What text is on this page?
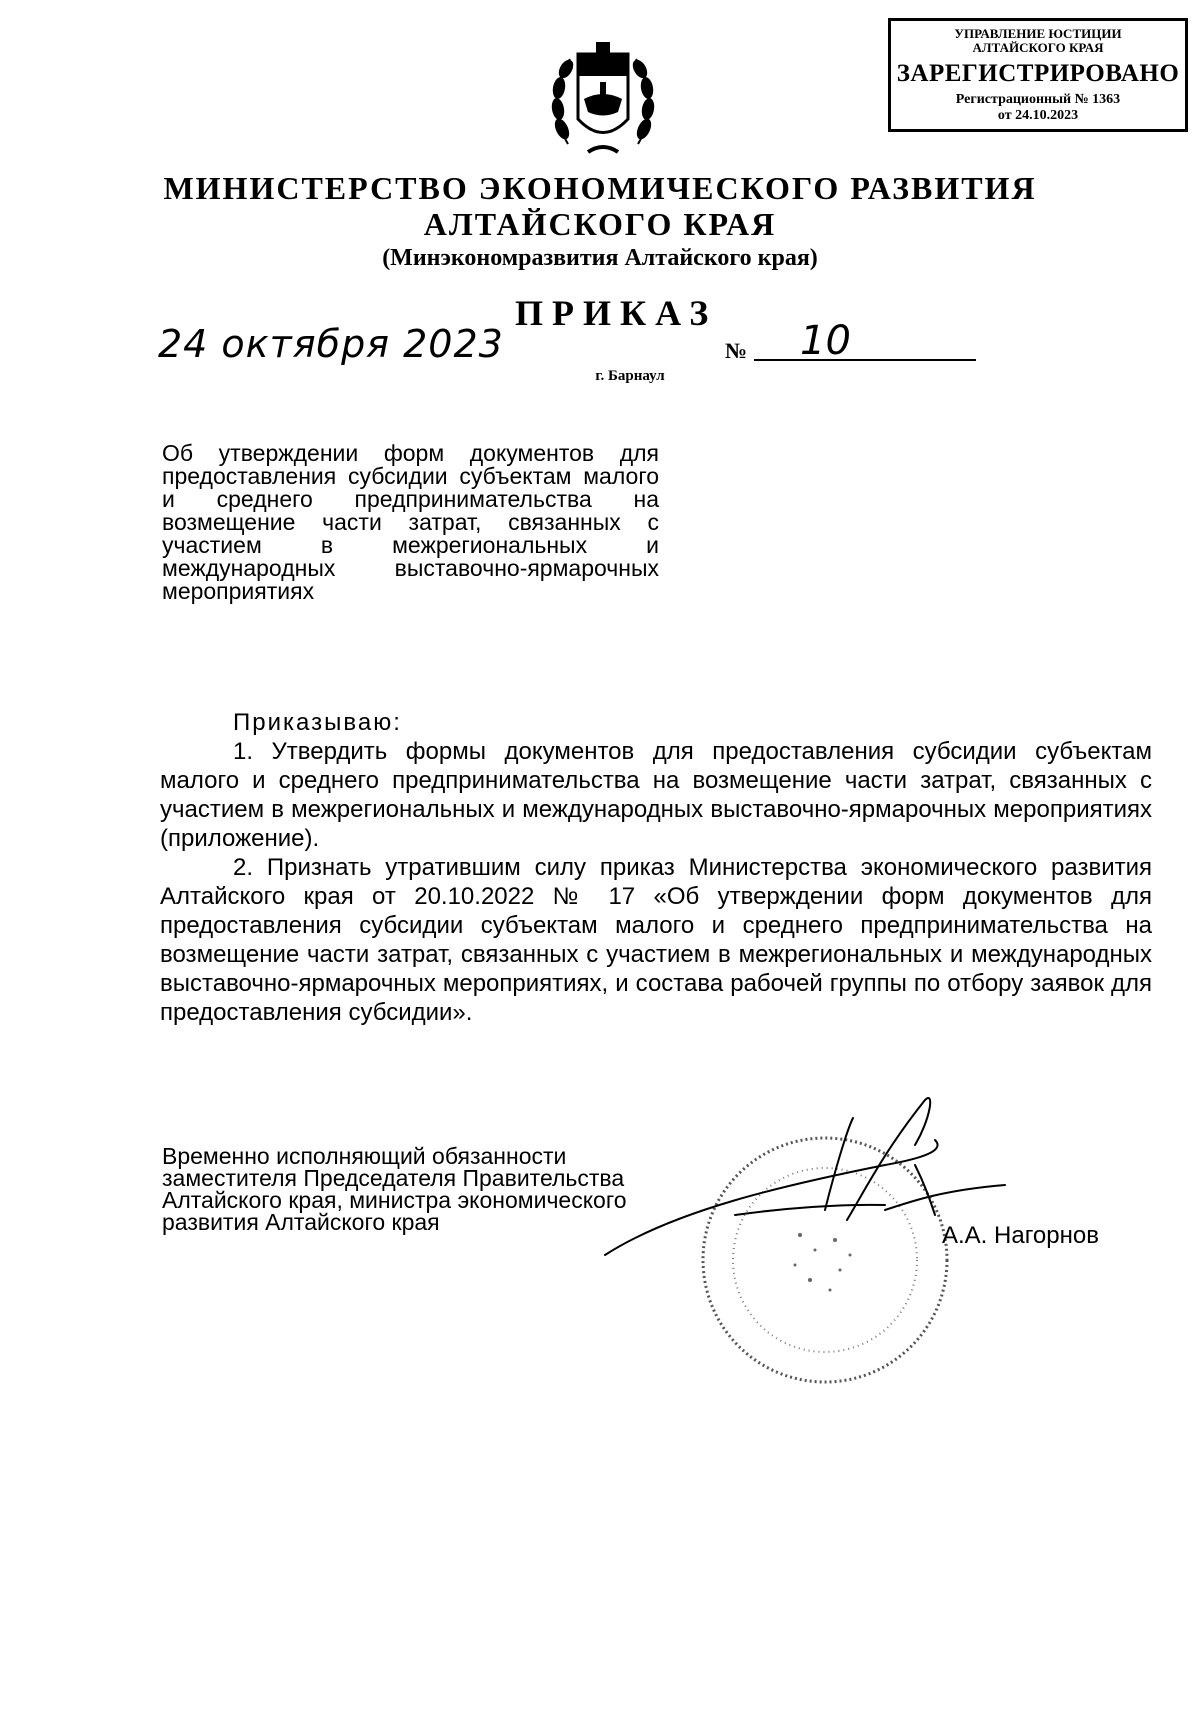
УПРАВЛЕНИЕ ЮСТИЦИИ
АЛТАЙСКОГО КРАЯ
ЗАРЕГИСТРИРОВАНО
Регистрационный № 1363
от 24.10.2023
МИНИСТЕРСТВО ЭКОНОМИЧЕСКОГО РАЗВИТИЯ
АЛТАЙСКОГО КРАЯ
(Минэкономразвития Алтайского края)
ПРИКАЗ
24 октября 2023	№ 10
г. Барнаул
Об утверждении форм документов для предоставления субсидии субъектам малого и среднего предпринимательства на возмещение части затрат, связанных с участием в межрегиональных и международных выставочно-ярмарочных мероприятиях

Приказываю:

1. Утвердить формы документов для предоставления субсидии субъектам малого и среднего предпринимательства на возмещение части затрат, связанных с участием в межрегиональных и международных выставочно-ярмарочных мероприятиях (приложение).

2. Признать утратившим силу приказ Министерства экономического развития Алтайского края от 20.10.2022 № 17 «Об утверждении форм документов для предоставления субсидии субъектам малого и среднего предпринимательства на возмещение части затрат, связанных с участием в межрегиональных и международных выставочно-ярмарочных мероприятиях, и состава рабочей группы по отбору заявок для предоставления субсидии».

Временно исполняющий обязанности
заместителя Председателя Правительства
Алтайского края, министра экономического
развития Алтайского края	А.А. Нагорнов
